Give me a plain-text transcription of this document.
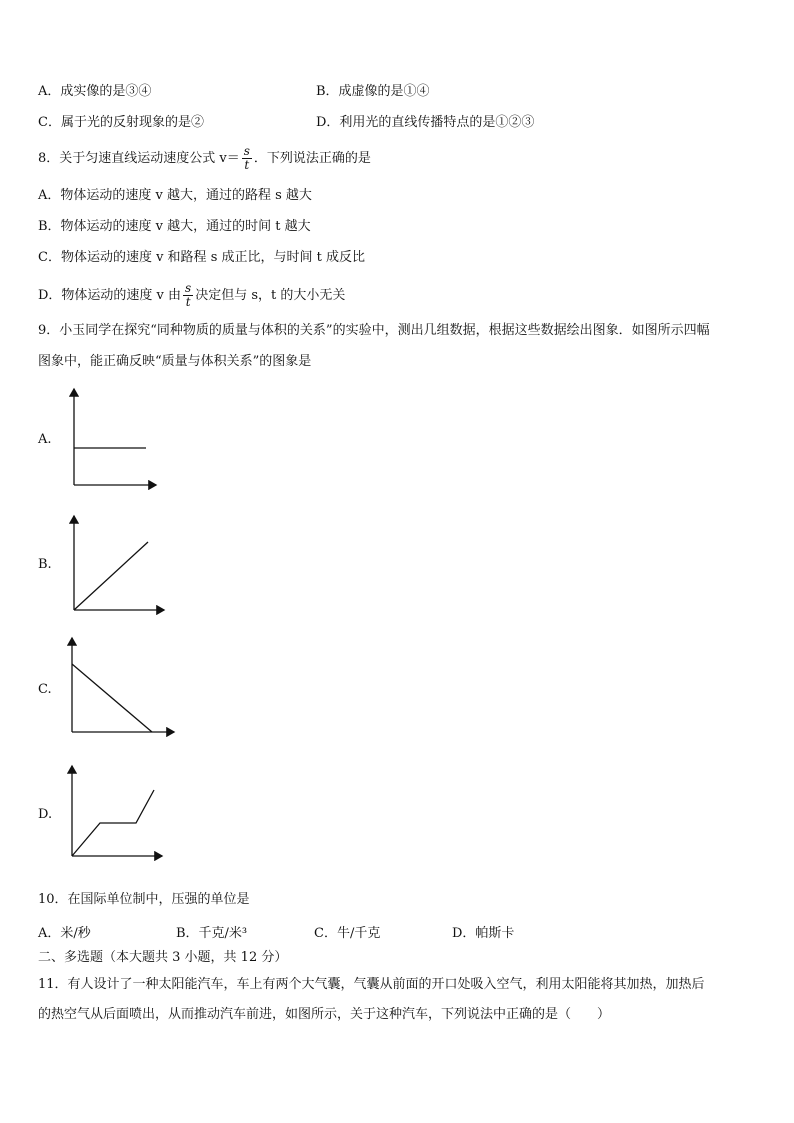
A．成实像的是③④	B．成虚像的是①④
C．属于光的反射现象的是②	D．利用光的直线传播特点的是①②③
8．关于匀速直线运动速度公式 $v= \frac{s}{t}$ ．下列说法正确的是
A．物体运动的速度 v 越大，通过的路程 s 越大
B．物体运动的速度 v 越大，通过的时间 t 越大
C．物体运动的速度 v 和路程 s 成正比，与时间 t 成反比
D．物体运动的速度 v 由 $\frac{s}{t}$ 决定但与 s，t 的大小无关
9．小玉同学在探究“同种物质的质量与体积的关系”的实验中，测出几组数据，根据这些数据绘出图象．如图所示四幅
图象中，能正确反映“质量与体积关系”的图象是
A.
B.
C.
D.
10．在国际单位制中，压强的单位是
A．米/秒	B．千克/米³	C．牛/千克	D．帕斯卡
二、多选题（本大题共 3 小题，共 12 分）
11．有人设计了一种太阳能汽车，车上有两个大气囊，气囊从前面的开口处吸入空气，利用太阳能将其加热，加热后
的热空气从后面喷出，从而推动汽车前进，如图所示，关于这种汽车，下列说法中正确的是（　　）
